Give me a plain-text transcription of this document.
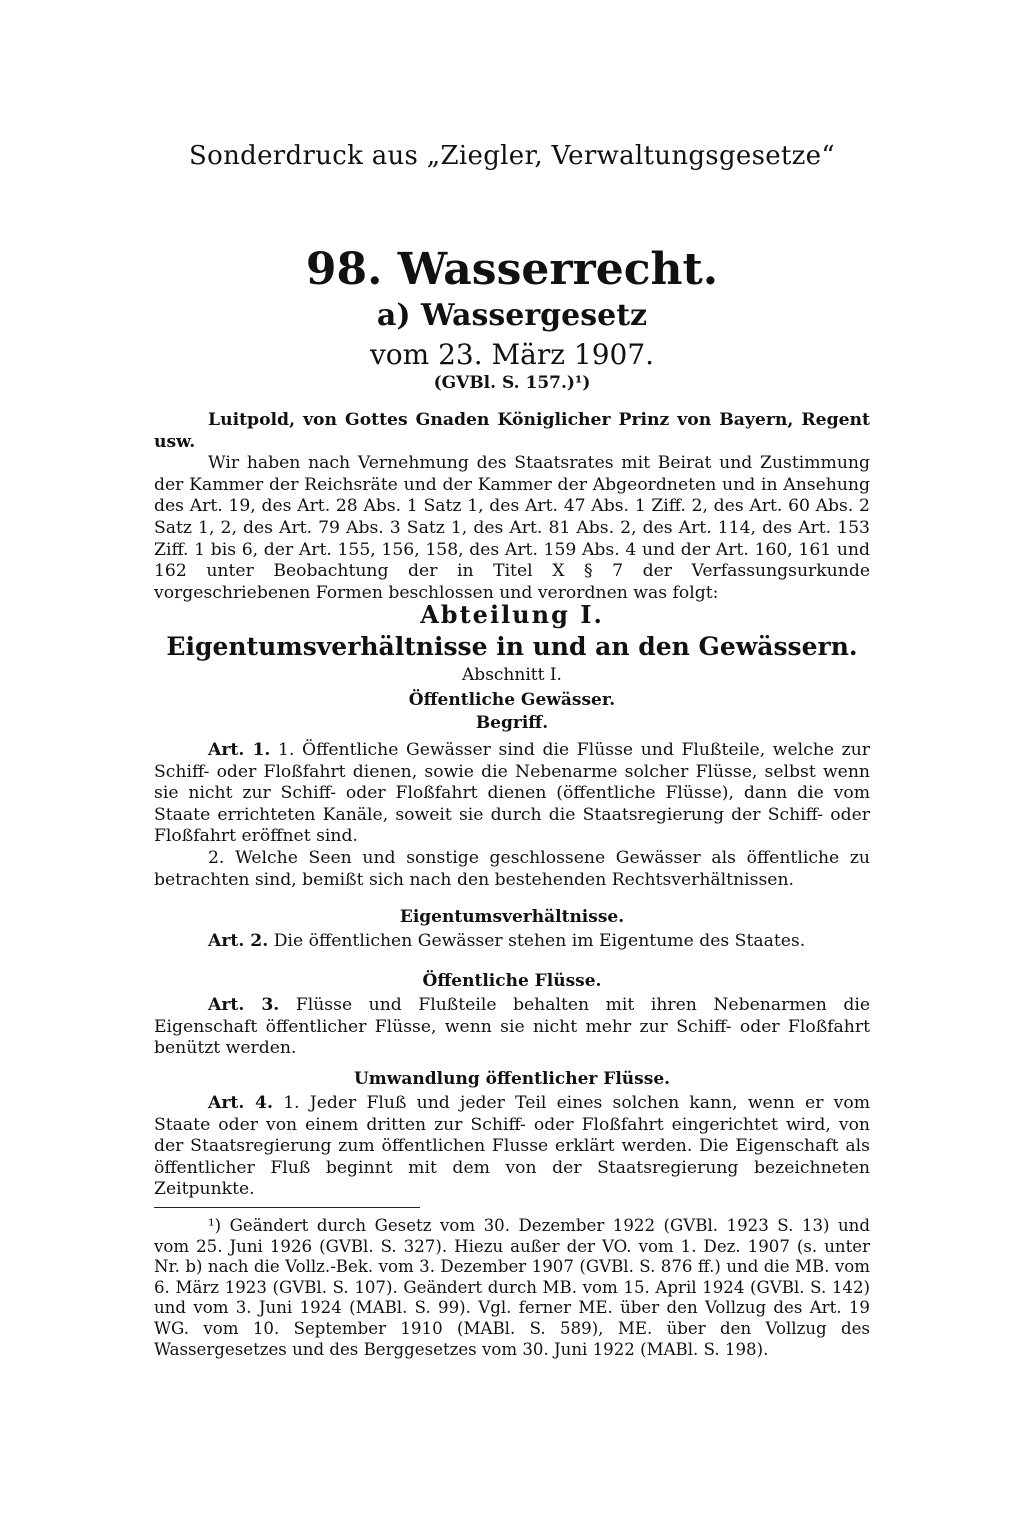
Sonderdruck aus „Ziegler, Verwaltungsgesetze“
98. Wasserrecht.
a) Wassergesetz
vom 23. März 1907.
(GVBl. S. 157.)¹)

Luitpold, von Gottes Gnaden Königlicher Prinz von Bayern, Regent usw.

Wir haben nach Vernehmung des Staatsrates mit Beirat und Zustimmung der Kammer der Reichsräte und der Kammer der Abgeordneten und in Ansehung des Art. 19, des Art. 28 Abs. 1 Satz 1, des Art. 47 Abs. 1 Ziff. 2, des Art. 60 Abs. 2 Satz 1, 2, des Art. 79 Abs. 3 Satz 1, des Art. 81 Abs. 2, des Art. 114, des Art. 153 Ziff. 1 bis 6, der Art. 155, 156, 158, des Art. 159 Abs. 4 und der Art. 160, 161 und 162 unter Beobachtung der in Titel X § 7 der Verfassungsurkunde vorgeschriebenen Formen beschlossen und verordnen was folgt:

Abteilung I.
Eigentumsverhältnisse in und an den Gewässern.
Abschnitt I.
Öffentliche Gewässer.
Begriff.

Art. 1. 1. Öffentliche Gewässer sind die Flüsse und Flußteile, welche zur Schiff- oder Floßfahrt dienen, sowie die Nebenarme solcher Flüsse, selbst wenn sie nicht zur Schiff- oder Floßfahrt dienen (öffentliche Flüsse), dann die vom Staate errichteten Kanäle, soweit sie durch die Staatsregierung der Schiff- oder Floßfahrt eröffnet sind.

2. Welche Seen und sonstige geschlossene Gewässer als öffentliche zu betrachten sind, bemißt sich nach den bestehenden Rechtsverhältnissen.

Eigentumsverhältnisse.

Art. 2. Die öffentlichen Gewässer stehen im Eigentume des Staates.

Öffentliche Flüsse.

Art. 3. Flüsse und Flußteile behalten mit ihren Nebenarmen die Eigenschaft öffentlicher Flüsse, wenn sie nicht mehr zur Schiff- oder Floßfahrt benützt werden.

Umwandlung öffentlicher Flüsse.

Art. 4. 1. Jeder Fluß und jeder Teil eines solchen kann, wenn er vom Staate oder von einem dritten zur Schiff- oder Floßfahrt eingerichtet wird, von der Staatsregierung zum öffentlichen Flusse erklärt werden. Die Eigenschaft als öffentlicher Fluß beginnt mit dem von der Staatsregierung bezeichneten Zeitpunkte.

¹) Geändert durch Gesetz vom 30. Dezember 1922 (GVBl. 1923 S. 13) und vom 25. Juni 1926 (GVBl. S. 327). Hiezu außer der VO. vom 1. Dez. 1907 (s. unter Nr. b) nach die Vollz.-Bek. vom 3. Dezember 1907 (GVBl. S. 876 ff.) und die MB. vom 6. März 1923 (GVBl. S. 107). Geändert durch MB. vom 15. April 1924 (GVBl. S. 142) und vom 3. Juni 1924 (MABl. S. 99). Vgl. ferner ME. über den Vollzug des Art. 19 WG. vom 10. September 1910 (MABl. S. 589), ME. über den Vollzug des Wassergesetzes und des Berggesetzes vom 30. Juni 1922 (MABl. S. 198).
